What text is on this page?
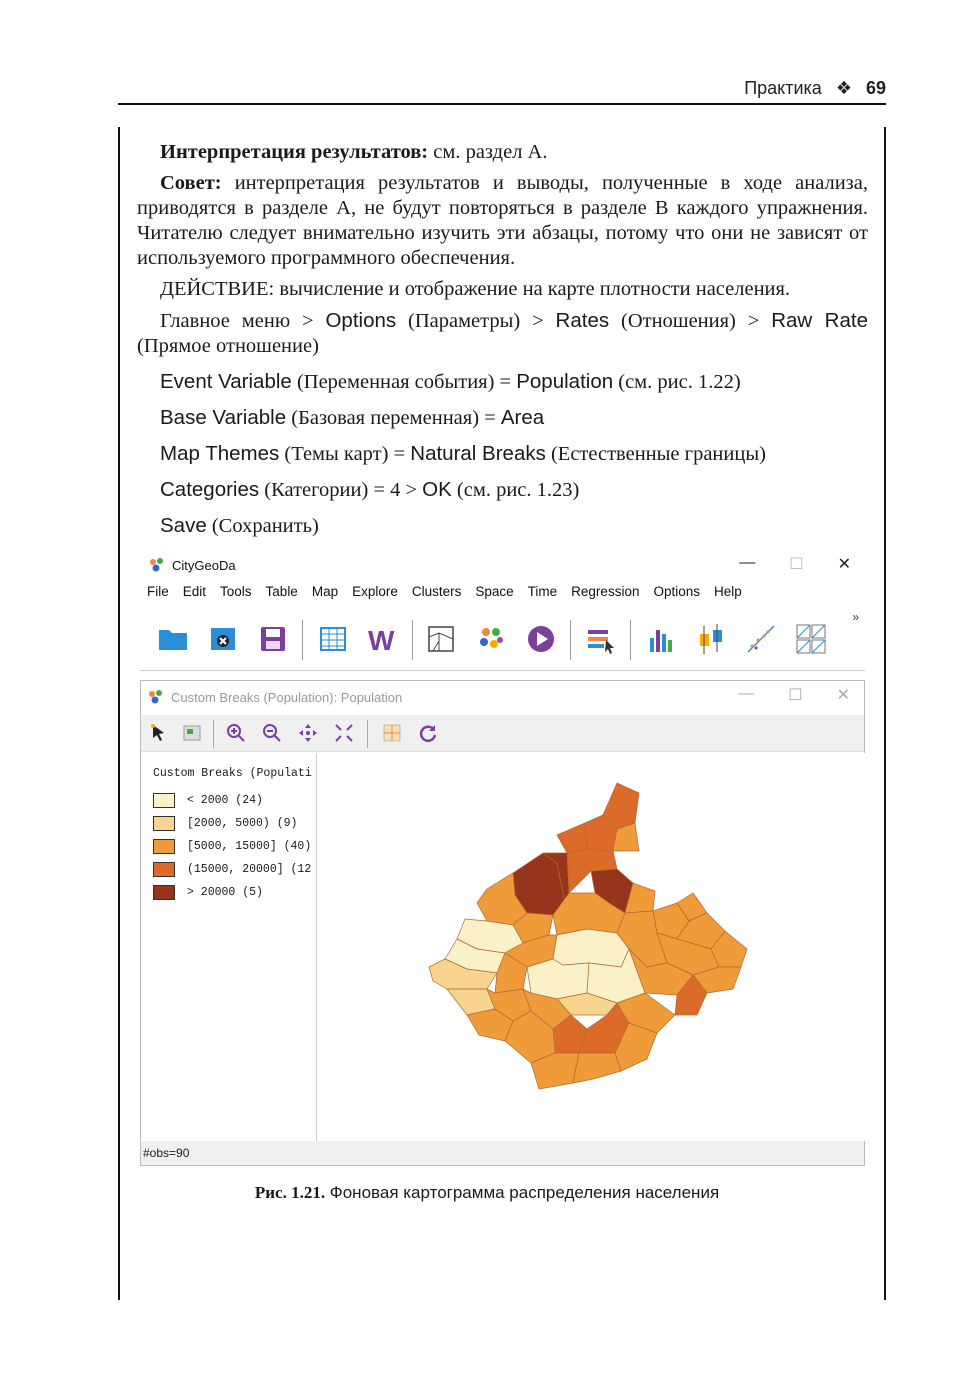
Практика ❖ 69

Интерпретация результатов: см. раздел А.

Совет: интерпретация результатов и выводы, полученные в ходе анализа, приводятся в разделе А, не будут повторяться в разделе В каждого упражнения. Читателю следует внимательно изучить эти абзацы, потому что они не зависят от используемого программного обеспечения.

ДЕЙСТВИЕ: вычисление и отображение на карте плотности населения.

Главное меню > Options (Параметры) > Rates (Отношения) > Raw Rate (Прямое отношение)

Event Variable (Переменная события) = Population (см. рис. 1.22)

Base Variable (Базовая переменная) = Area

Map Themes (Темы карт) = Natural Breaks (Естественные границы)

Categories (Категории) = 4 > OK (см. рис. 1.23)

Save (Сохранить)

CityGeoDa	— ☐ ✕
File	Edit	Tools	Table	Map	Explore	Clusters	Space	Time	Regression	Options	Help
W
»
Custom Breaks (Population): Population	— ☐ ✕
Custom Breaks (Populati
< 2000 (24)
[2000, 5000) (9)
[5000, 15000] (40)
(15000, 20000] (12
> 20000 (5)
#obs=90
Рис. 1.21. Фоновая картограмма распределения населения
